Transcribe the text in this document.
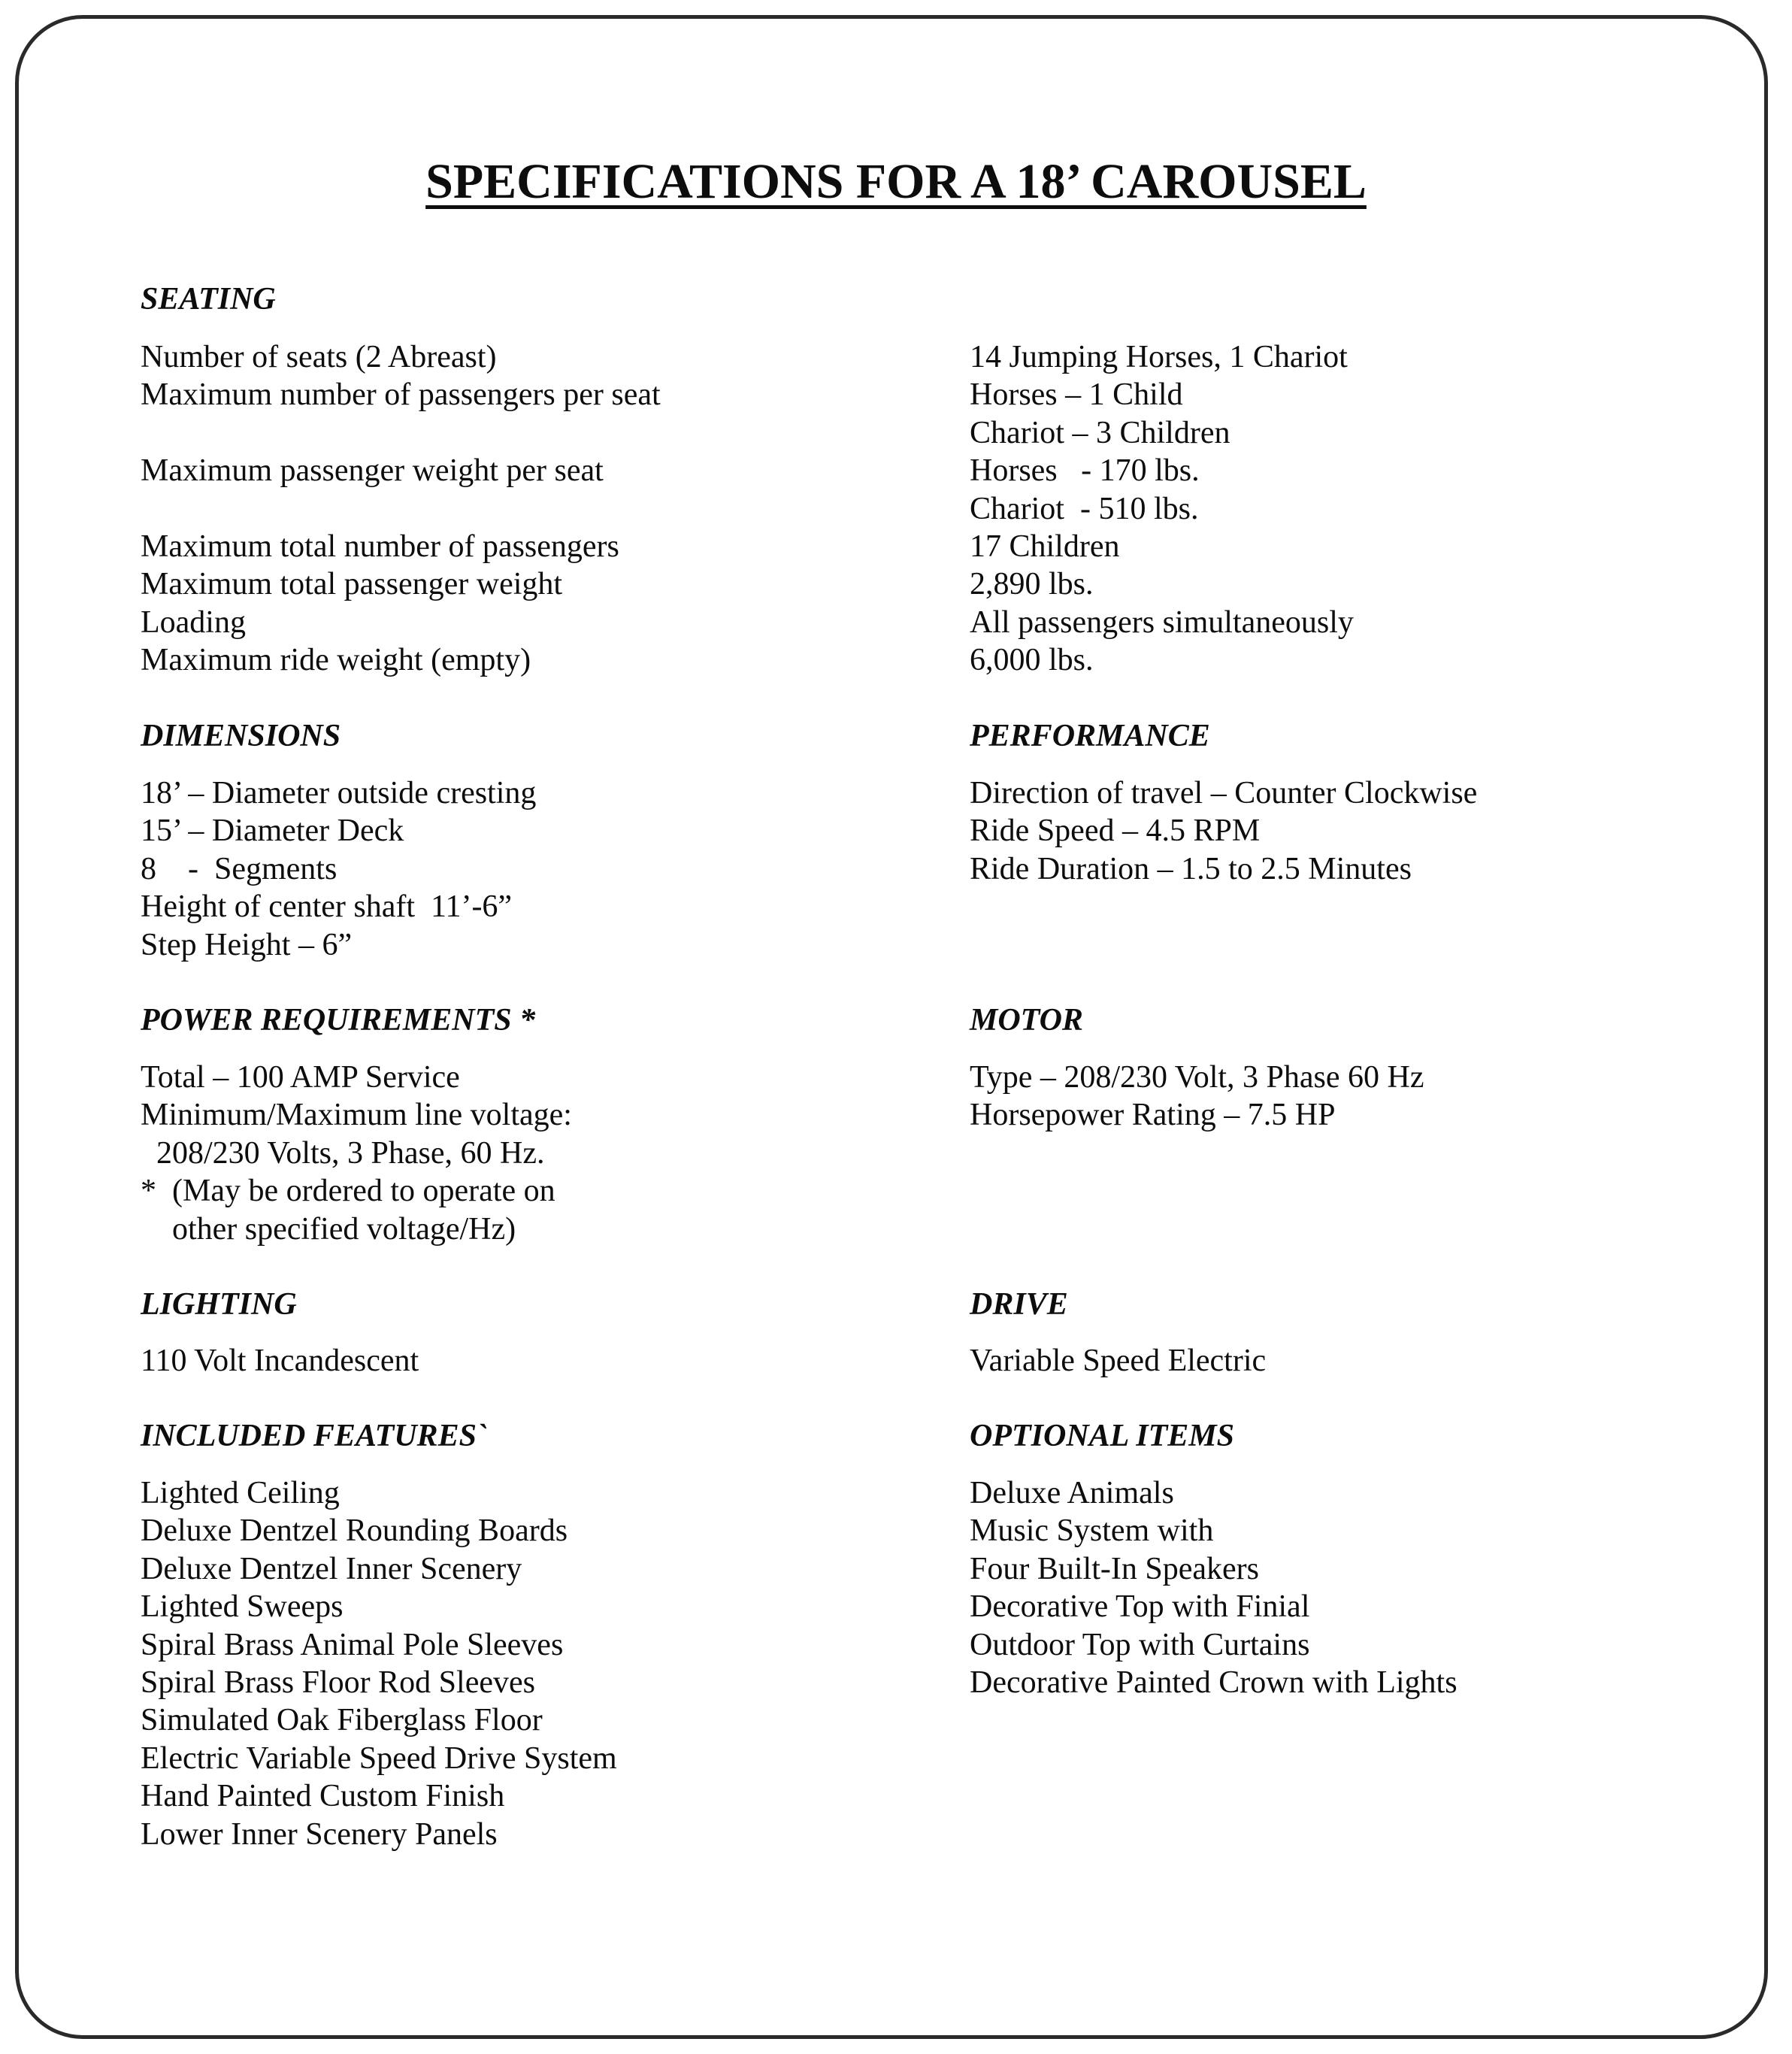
SPECIFICATIONS FOR A 18’ CAROUSEL
SEATING
Number of seats (2 Abreast)
Maximum number of passengers per seat
Maximum passenger weight per seat
Maximum total number of passengers
Maximum total passenger weight
Loading
Maximum ride weight (empty)
14 Jumping Horses, 1 Chariot
Horses – 1 Child
Chariot – 3 Children
Horses   - 170 lbs.
Chariot  - 510 lbs.
17 Children
2,890 lbs.
All passengers simultaneously
6,000 lbs.
DIMENSIONS
18’ – Diameter outside cresting
15’ – Diameter Deck
8    -  Segments
Height of center shaft  11’-6”
Step Height – 6”
PERFORMANCE
Direction of travel – Counter Clockwise
Ride Speed – 4.5 RPM
Ride Duration – 1.5 to 2.5 Minutes
POWER REQUIREMENTS *
Total – 100 AMP Service
Minimum/Maximum line voltage:
208/230 Volts, 3 Phase, 60 Hz.
*  (May be ordered to operate on
other specified voltage/Hz)
MOTOR
Type – 208/230 Volt, 3 Phase 60 Hz
Horsepower Rating – 7.5 HP
LIGHTING
110 Volt Incandescent
DRIVE
Variable Speed Electric
INCLUDED FEATURES`
Lighted Ceiling
Deluxe Dentzel Rounding Boards
Deluxe Dentzel Inner Scenery
Lighted Sweeps
Spiral Brass Animal Pole Sleeves
Spiral Brass Floor Rod Sleeves
Simulated Oak Fiberglass Floor
Electric Variable Speed Drive System
Hand Painted Custom Finish
Lower Inner Scenery Panels
OPTIONAL ITEMS
Deluxe Animals
Music System with
Four Built-In Speakers
Decorative Top with Finial
Outdoor Top with Curtains
Decorative Painted Crown with Lights
